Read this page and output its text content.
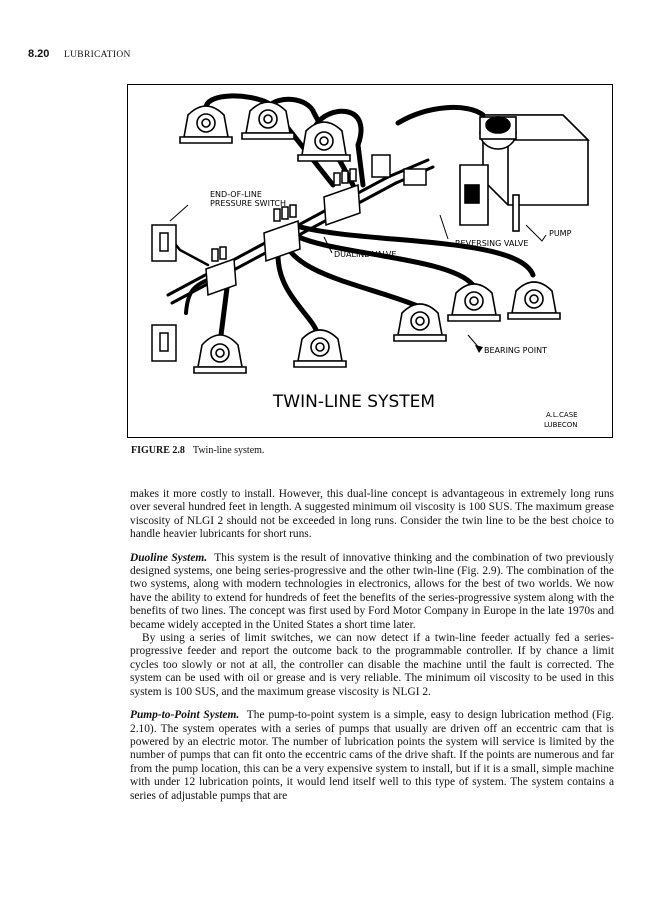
8.20 LUBRICATION
END-OF-LINE
PRESSURE SWITCH
PUMP
REVERSING VALVE
DUALINE VALVE
BEARING POINT
TWIN-LINE SYSTEM
A.L.CASE
LUBECON
FIGURE 2.8 Twin-line system.

makes it more costly to install. However, this dual-line concept is advantageous in extremely long runs over several hundred feet in length. A suggested minimum oil viscosity is 100 SUS. The maximum grease viscosity of NLGI 2 should not be exceeded in long runs. Consider the twin line to be the best choice to handle heavier lubricants for short runs.

Duoline System. This system is the result of innovative thinking and the combination of two previously designed systems, one being series-progressive and the other twin-line (Fig. 2.9). The combination of the two systems, along with modern technologies in electronics, allows for the best of two worlds. We now have the ability to extend for hundreds of feet the benefits of the series-progressive system along with the benefits of two lines. The concept was first used by Ford Motor Company in Europe in the late 1970s and became widely accepted in the United States a short time later.

By using a series of limit switches, we can now detect if a twin-line feeder actually fed a series-progressive feeder and report the outcome back to the programmable controller. If by chance a limit cycles too slowly or not at all, the controller can disable the machine until the fault is corrected. The system can be used with oil or grease and is very reliable. The minimum oil viscosity to be used in this system is 100 SUS, and the maximum grease viscosity is NLGI 2.

Pump-to-Point System. The pump-to-point system is a simple, easy to design lubrication method (Fig. 2.10). The system operates with a series of pumps that usually are driven off an eccentric cam that is powered by an electric motor. The number of lubrication points the system will service is limited by the number of pumps that can fit onto the eccentric cams of the drive shaft. If the points are numerous and far from the pump location, this can be a very expensive system to install, but if it is a small, simple machine with under 12 lubrication points, it would lend itself well to this type of system. The system contains a series of adjustable pumps that are
